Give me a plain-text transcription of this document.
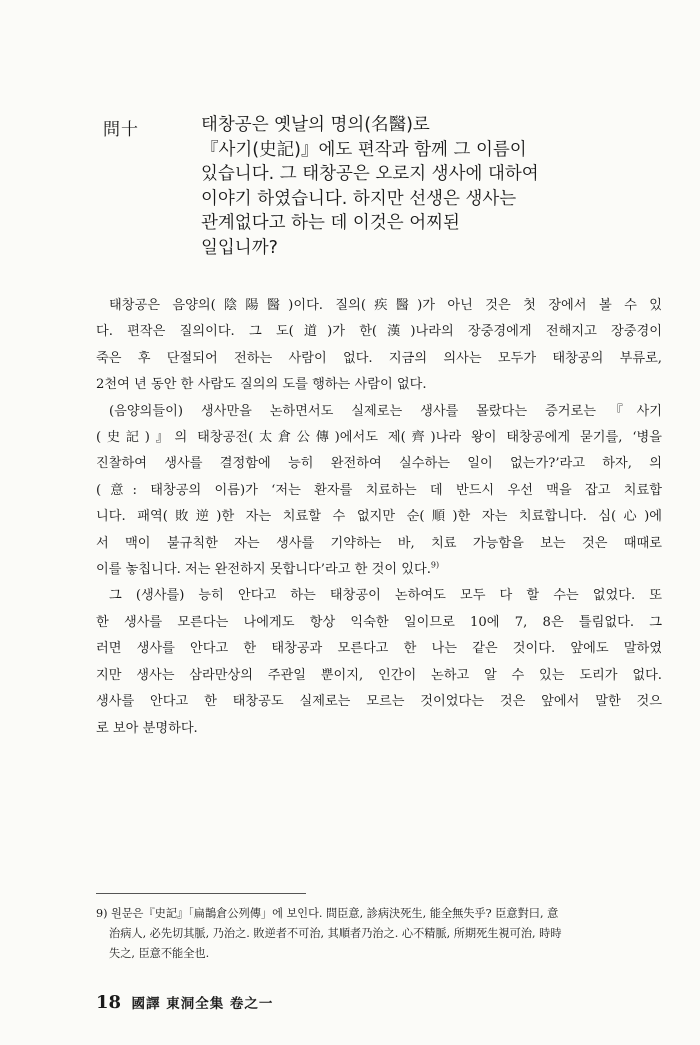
問十	태창공은 옛날의 명의(名醫)로
『사기(史記)』에도 편작과 함께 그 이름이
있습니다. 그 태창공은 오로지 생사에 대하여
이야기 하였습니다. 하지만 선생은 생사는
관계없다고 하는 데 이것은 어찌된
일입니까?

태창공은 음양의(陰陽醫)이다. 질의(疾醫)가 아닌 것은 첫 장에서 볼 수 있
다. 편작은 질의이다. 그 도(道)가 한(漢)나라의 장중경에게 전해지고 장중경이
죽은 후 단절되어 전하는 사람이 없다. 지금의 의사는 모두가 태창공의 부류로,
2천여 년 동안 한 사람도 질의의 도를 행하는 사람이 없다.

(음양의들이) 생사만을 논하면서도 실제로는 생사를 몰랐다는 증거로는『사기
(史記)』의 태창공전(太倉公傳)에서도 제(齊)나라 왕이 태창공에게 묻기를, ‘병을
진찰하여 생사를 결정함에 능히 완전하여 실수하는 일이 없는가?’라고 하자, 의
(意: 태창공의 이름)가 ‘저는 환자를 치료하는 데 반드시 우선 맥을 잡고 치료합
니다. 패역(敗逆)한 자는 치료할 수 없지만 순(順)한 자는 치료합니다. 심(心)에
서 맥이 불규칙한 자는 생사를 기약하는 바, 치료 가능함을 보는 것은 때때로
이를 놓칩니다. 저는 완전하지 못합니다’라고 한 것이 있다.$^{9)}$

그 (생사를) 능히 안다고 하는 태창공이 논하여도 모두 다 할 수는 없었다. 또
한 생사를 모른다는 나에게도 항상 익숙한 일이므로 10에 7, 8은 틀림없다. 그
러면 생사를 안다고 한 태창공과 모른다고 한 나는 같은 것이다. 앞에도 말하였
지만 생사는 삼라만상의 주관일 뿐이지, 인간이 논하고 알 수 있는 도리가 없다.
생사를 안다고 한 태창공도 실제로는 모르는 것이었다는 것은 앞에서 말한 것으
로 보아 분명하다.

9) 원문은『史記』「扁鵲倉公列傳」에 보인다. 問臣意, 診病決死生, 能全無失乎? 臣意對曰, 意
治病人, 必先切其脈, 乃治之. 敗逆者不可治, 其順者乃治之. 心不精脈, 所期死生視可治, 時時
失之, 臣意不能全也.
18 國譯 東洞全集 卷之一
